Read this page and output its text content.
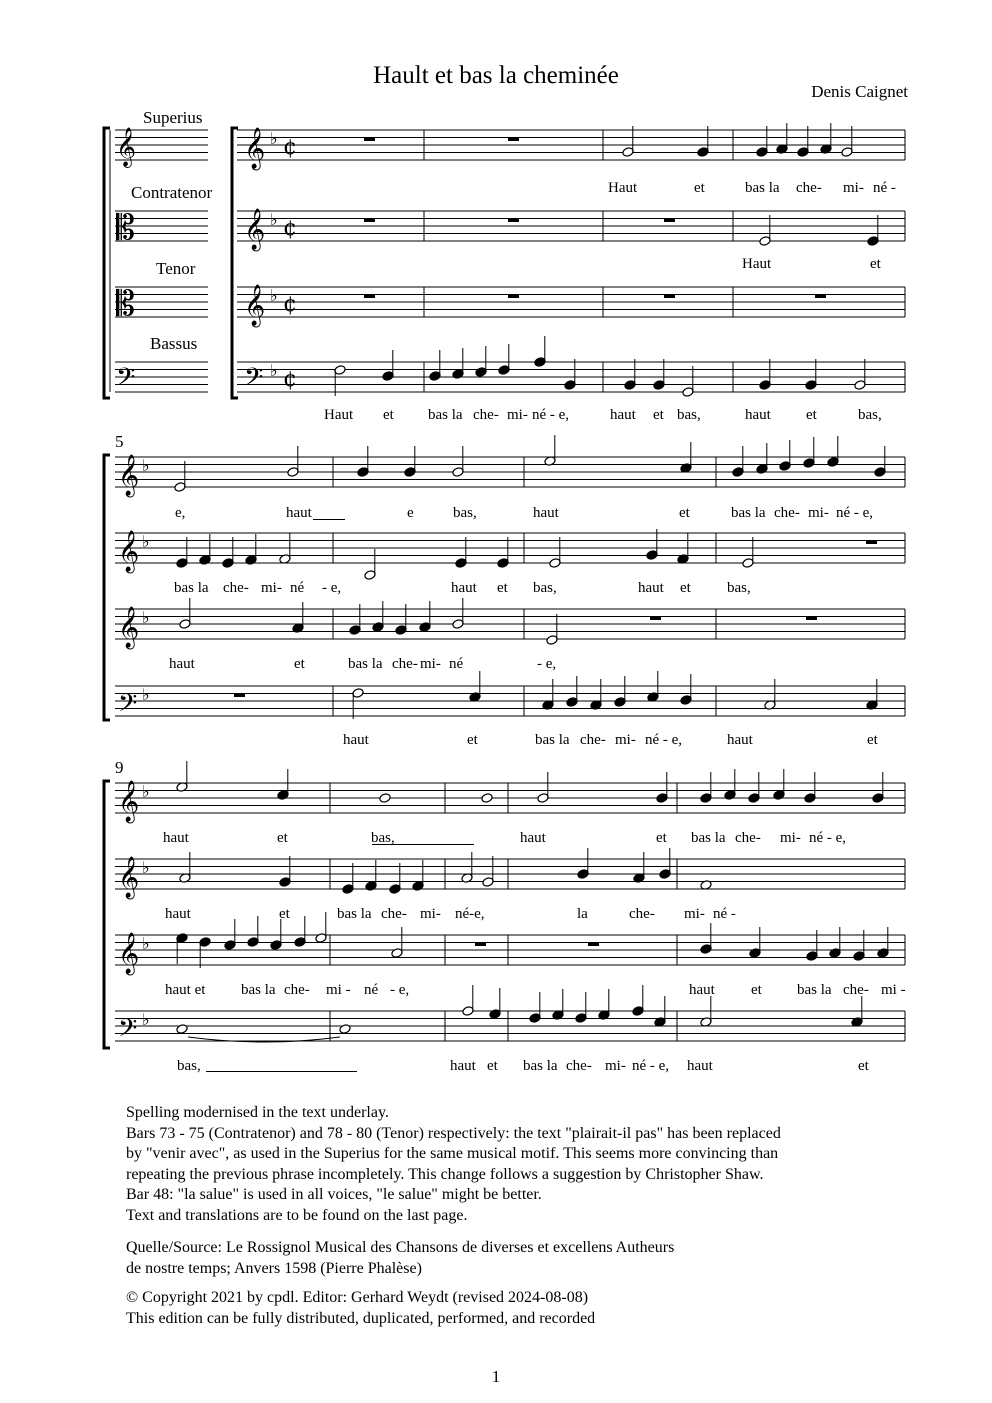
Hault et bas la cheminée
Denis Caignet
Superius
Contratenor
Tenor
Bassus
5
9
𝄞	𝄞 ♭ ¢
𝄡	𝄞 ♭ ¢
𝄡	𝄞 ♭ ¢
𝄢	𝄢 ♭ ¢
𝄞 ♭
𝄞 ♭
𝄞 ♭
𝄢 ♭
𝄞 ♭
𝄞 ♭
𝄞 ♭
𝄢 ♭
Haut	et	bas la che- mi- né -
Haut	et
Haut et bas la che- mi- né - e,	haut et bas,	haut et	bas,
e,	haut	e	bas,	haut	et	bas la che- mi- né - e,
bas la che- mi- né - e,	haut et bas,	haut et bas,
haut	et	bas la che- mi- né	- e,
haut	et	bas la che- mi- né - e,	haut	et
haut	et	bas,	haut	et bas la che- mi- né - e,
haut	et	bas la che- mi- né-e,	la	che- mi- né -
haut et bas la che- mi - né - e,	haut et bas la che- mi -
bas,	haut et bas la che- mi- né - e, haut	et
Spelling modernised in the text underlay.
Bars 73 - 75 (Contratenor) and 78 - 80 (Tenor) respectively: the text "plairait-il pas" has been replaced
by "venir avec", as used in the Superius for the same musical motif. This seems more convincing than
repeating the previous phrase incompletely. This change follows a suggestion by Christopher Shaw.
Bar 48: "la salue" is used in all voices, "le salue" might be better.
Text and translations are to be found on the last page.
Quelle/Source: Le Rossignol Musical des Chansons de diverses et excellens Autheurs
de nostre temps; Anvers 1598 (Pierre Phalèse)
© Copyright 2021 by cpdl. Editor: Gerhard Weydt (revised 2024-08-08)
This edition can be fully distributed, duplicated, performed, and recorded
1
